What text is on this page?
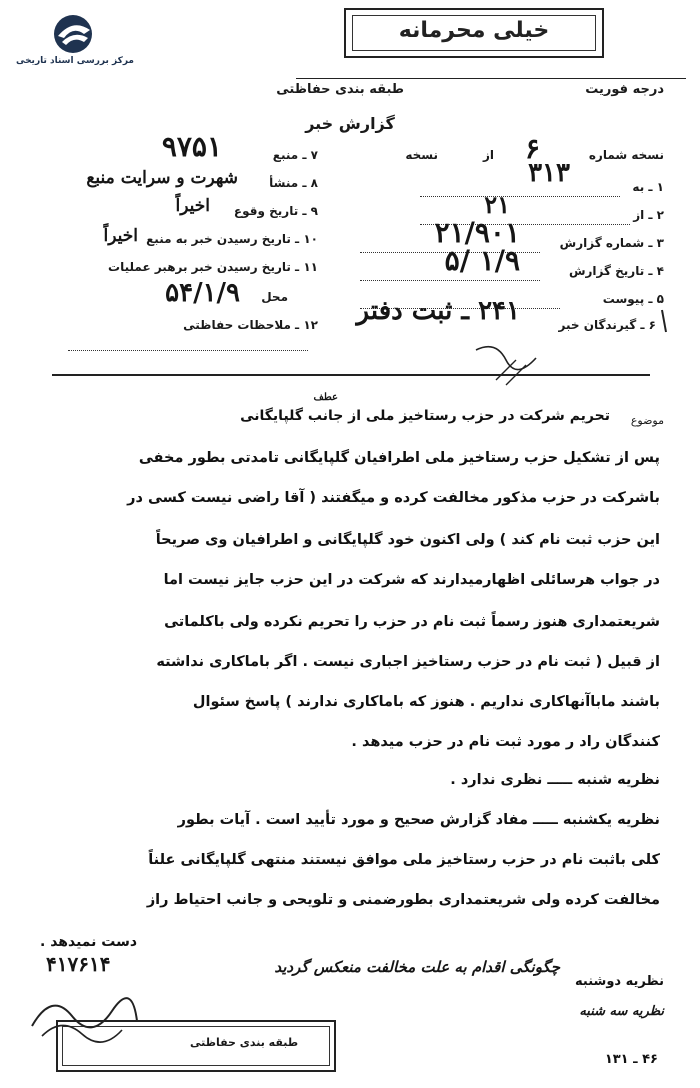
مرکز بررسی اسناد تاریخی
خیلی محرمانه
درجه فوریت
طبقه بندی حفاظتی
گزارش خبر
نسخه شماره
۶
از
نسخه
۱ ـ به
۳۱۳
۲ ـ از
۲۱
۳ ـ شماره گزارش
۲۱/۹۰۱
۴ ـ تاریخ گزارش
۵/ ۱/۹
۵ ـ پیوست
۶ ـ گیرندگان خبر
۲۴۱ ـ ثبت دفتر
۷ ـ منبع
۹۷۵۱
۸ ـ منشأ
شهرت و سرایت منبع
۹ ـ تاریخ وقوع
اخیراً
۱۰ ـ تاریخ رسیدن خبر به منبع
اخیراً
۱۱ ـ تاریخ رسیدن خبر برهبر عملیات
محل
۵۴/۱/۹
۱۲ ـ ملاحظات حفاظتی
موضوع
تحریم شرکت در حزب رستاخیز ملی از جانب گلپایگانی
عطف
پس از تشکیل حزب رستاخیز ملی اطرافیان گلپایگانی تامدتی بطور مخفی
باشرکت در حزب مذکور مخالفت کرده و میگفتند ( آقا راضی نیست کسی در
این حزب ثبت نام کند ) ولی اکنون خود گلپایگانی و اطرافیان وی صریحاً
در جواب هرسائلی اظهارمیدارند که شرکت در این حزب جایز نیست اما
شریعتمداری هنوز رسماً ثبت نام در حزب را تحریم نکرده ولی باکلماتی
از قبیل ( ثبت نام در حزب رستاخیز اجباری نیست . اگر باماکاری نداشته
باشند ماباآنهاکاری نداریم . هنوز که باماکاری ندارند ) پاسخ سئوال
کنندگان راد ر مورد ثبت نام در حزب میدهد .
نظریه شنبه ـــــ نظری ندارد .
نظریه یکشنبه ـــــ مفاد گزارش صحیح و مورد تأیید است . آیات بطور
کلی باثبت نام در حزب رستاخیز ملی موافق نیستند منتهی گلپایگانی علناً
مخالفت کرده ولی شریعتمداری بطورضمنی و تلویحی و جانب احتیاط راز
دست نمیدهد .
۴۱۷۶۱۴
نظریه دوشنبه
چگونگی اقدام به علت مخالفت منعکس گردید
نظریه سه شنبه
طبقه بندی حفاظتی
۴۶ ـ ۱۳۱
